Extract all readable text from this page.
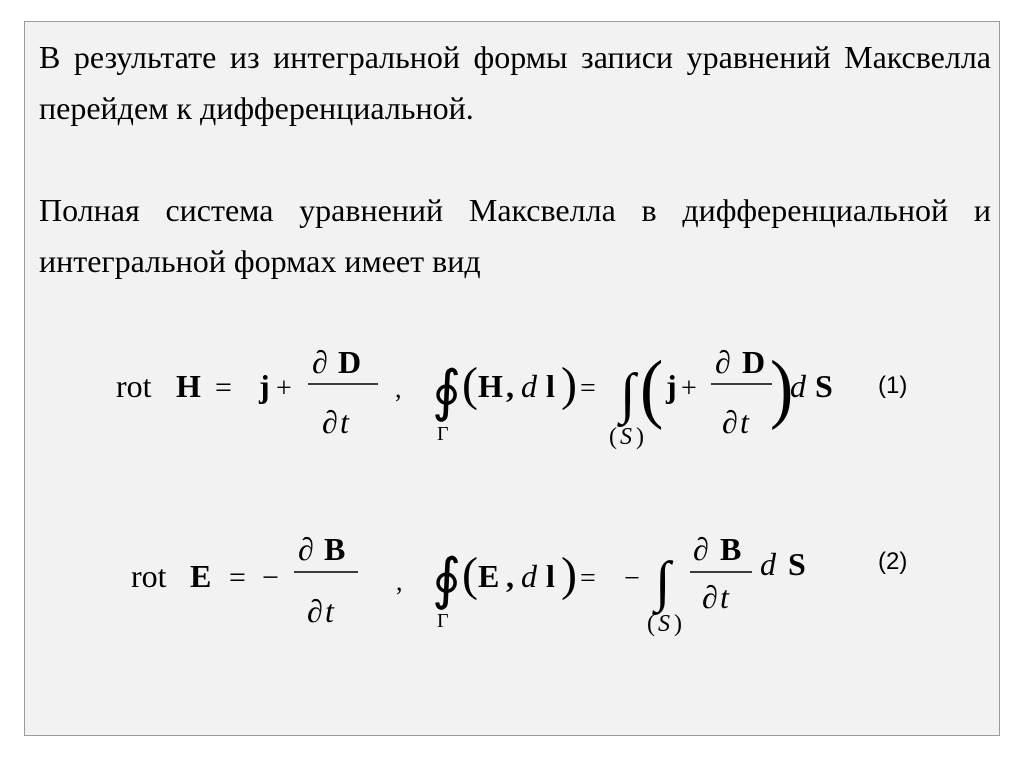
В результате из интегральной формы записи уравнений Максвелла перейдем к дифференциальной.

Полная система уравнений Максвелла в дифференциальной и интегральной формах имеет вид

rot H = j +
∂ D
∂ t
, ∮
Γ
( H , d l ) = ∫
( S )
( j +
∂ D
∂ t )
d S
rot E = −
∂ B
∂ t
, ∮
Γ
( E , d l ) = − ∫
( S )
∂ B
∂ t
d S
(1)
(2)
